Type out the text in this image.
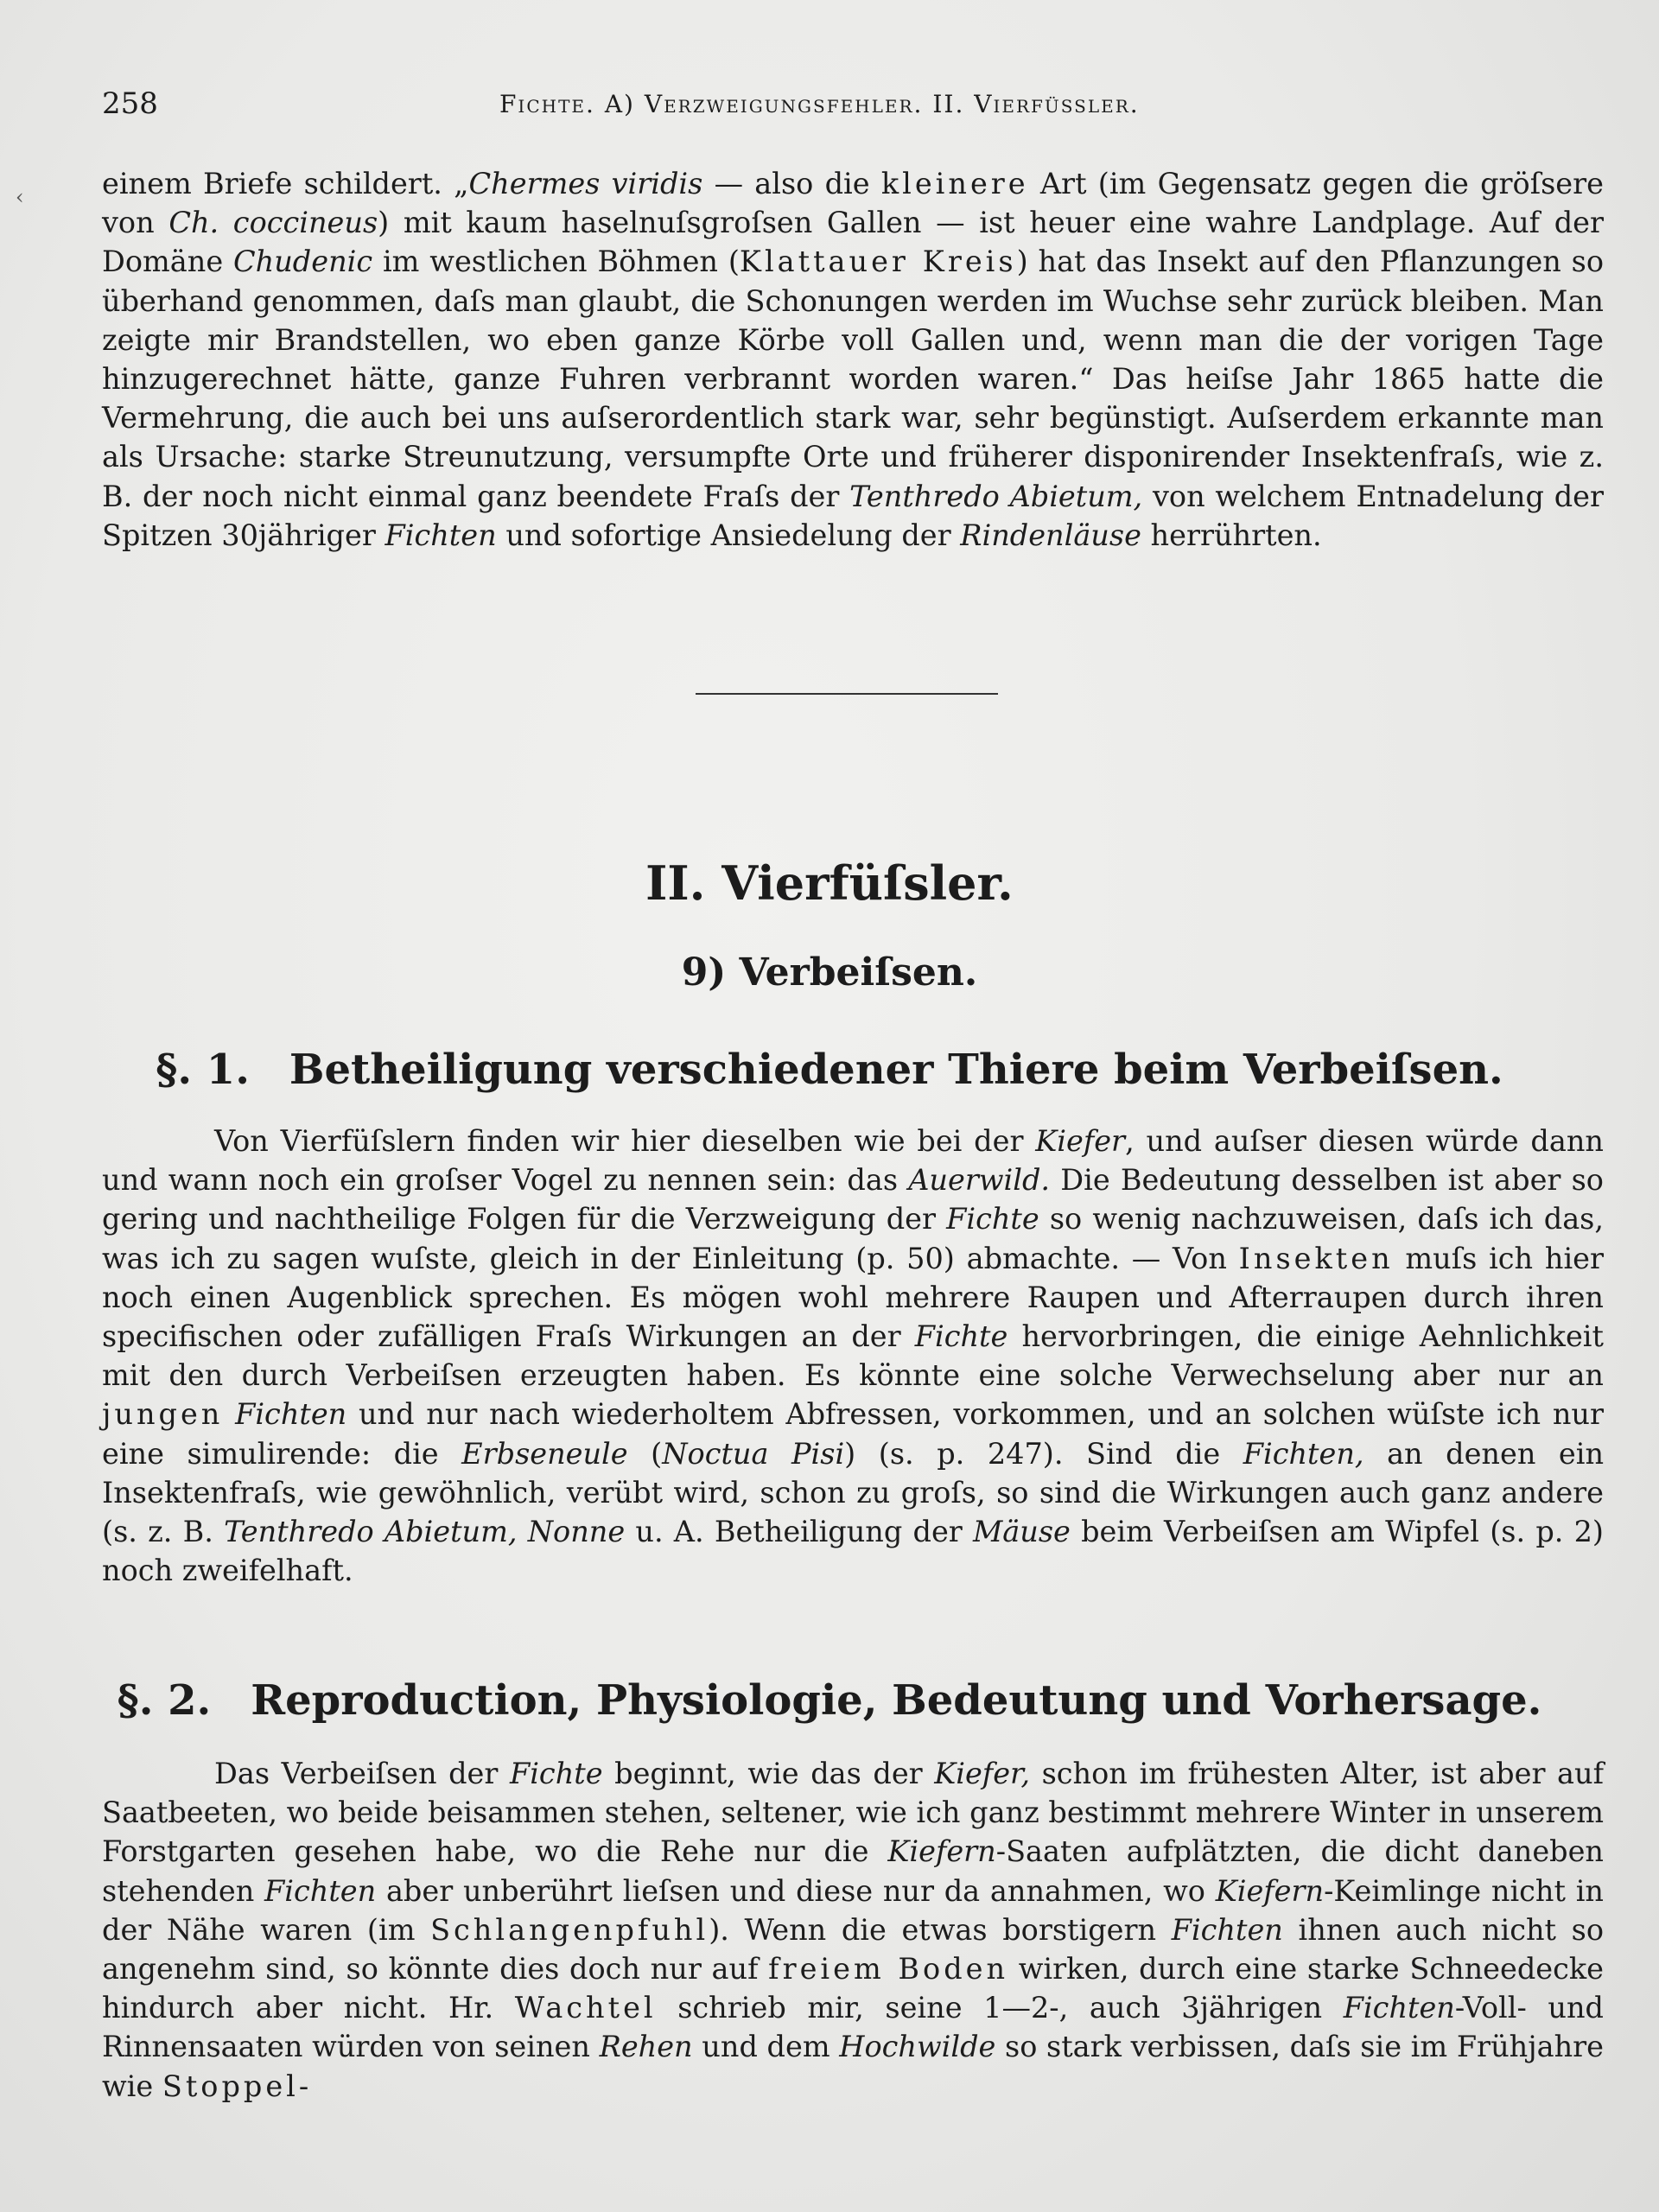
258	Fichte. A) Verzweigungsfehler. II. Vierfüssler.
‹	einem Briefe schildert. „Chermes viridis — also die kleinere Art (im Gegensatz gegen die gröſsere von Ch. coccineus) mit kaum haselnuſsgroſsen Gallen — ist heuer eine wahre Landplage. Auf der Domäne Chudenic im westlichen Böhmen (Klattauer Kreis) hat das Insekt auf den Pflanzungen so überhand genommen, daſs man glaubt, die Schonungen werden im Wuchse sehr zurück bleiben. Man zeigte mir Brandstellen, wo eben ganze Körbe voll Gallen und, wenn man die der vorigen Tage hinzugerechnet hätte, ganze Fuhren verbrannt worden waren.“ Das heiſse Jahr 1865 hatte die Vermehrung, die auch bei uns auſserordentlich stark war, sehr begünstigt. Auſserdem erkannte man als Ursache: starke Streunutzung, versumpfte Orte und früherer disponirender Insektenfraſs, wie z. B. der noch nicht einmal ganz beendete Fraſs der Tenthredo Abietum, von welchem Entnadelung der Spitzen 30jähriger Fichten und sofortige Ansiedelung der Rindenläuse herrührten.

II. Vierfüſsler.
9) Verbeiſsen.
§. 1. Betheiligung verschiedener Thiere beim Verbeiſsen.

Von Vierfüſslern finden wir hier dieselben wie bei der Kiefer, und auſser diesen würde dann und wann noch ein groſser Vogel zu nennen sein: das Auerwild. Die Bedeutung desselben ist aber so gering und nachtheilige Folgen für die Verzweigung der Fichte so wenig nachzuweisen, daſs ich das, was ich zu sagen wuſste, gleich in der Einleitung (p. 50) abmachte. — Von Insekten muſs ich hier noch einen Augenblick sprechen. Es mögen wohl mehrere Raupen und Afterraupen durch ihren specifischen oder zufälligen Fraſs Wirkungen an der Fichte hervorbringen, die einige Aehnlichkeit mit den durch Verbeiſsen erzeugten haben. Es könnte eine solche Verwechselung aber nur an jungen Fichten und nur nach wiederholtem Abfressen, vorkommen, und an solchen wüſste ich nur eine simulirende: die Erbseneule (Noctua Pisi) (s. p. 247). Sind die Fichten, an denen ein Insektenfraſs, wie gewöhnlich, verübt wird, schon zu groſs, so sind die Wirkungen auch ganz andere (s. z. B. Tenthredo Abietum, Nonne u. A. Betheiligung der Mäuse beim Verbeiſsen am Wipfel (s. p. 2) noch zweifelhaft.

§. 2. Reproduction, Physiologie, Bedeutung und Vorhersage.

Das Verbeiſsen der Fichte beginnt, wie das der Kiefer, schon im frühesten Alter, ist aber auf Saatbeeten, wo beide beisammen stehen, seltener, wie ich ganz bestimmt mehrere Winter in unserem Forstgarten gesehen habe, wo die Rehe nur die Kiefern-Saaten aufplätzten, die dicht daneben stehenden Fichten aber unberührt lieſsen und diese nur da annahmen, wo Kiefern-Keimlinge nicht in der Nähe waren (im Schlangenpfuhl). Wenn die etwas borstigern Fichten ihnen auch nicht so angenehm sind, so könnte dies doch nur auf freiem Boden wirken, durch eine starke Schneedecke hindurch aber nicht. Hr. Wachtel schrieb mir, seine 1—2-, auch 3jährigen Fichten-Voll- und Rinnensaaten würden von seinen Rehen und dem Hochwilde so stark verbissen, daſs sie im Frühjahre wie Stoppel-
